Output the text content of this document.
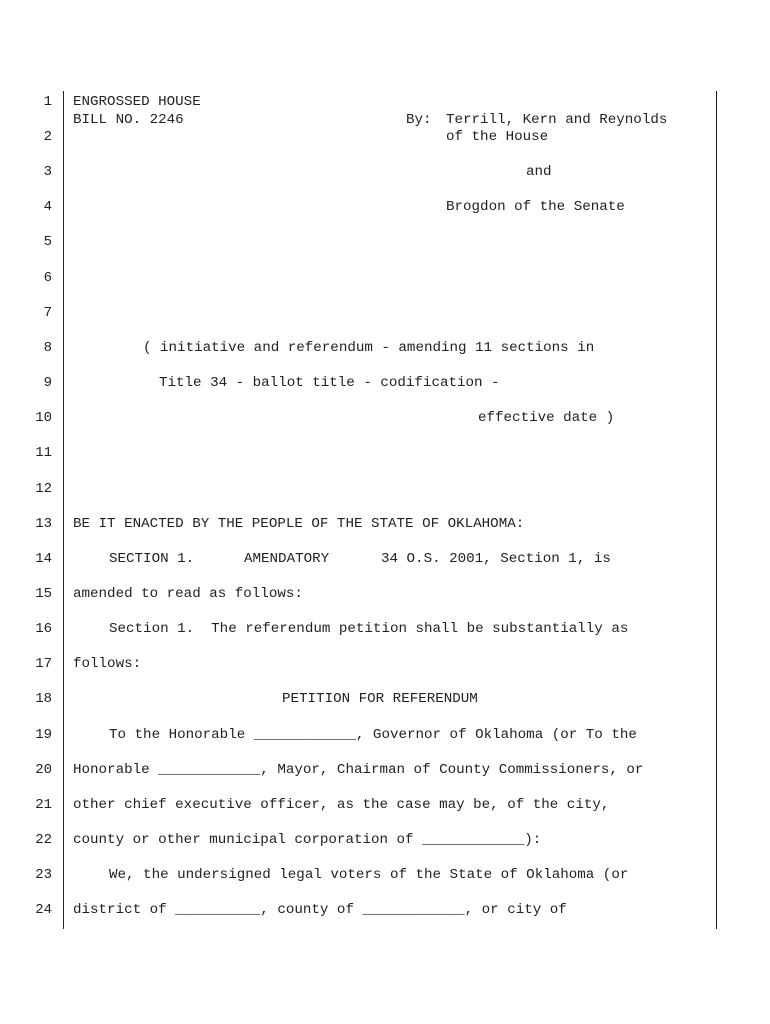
1
2
3
4
5
6
7
8
9
10
11
12
13
14
15
16
17
18
19
20
21
22
23
24
ENGROSSED HOUSE
BILL NO. 2246	By: Terrill, Kern and Reynolds
of the House
and
Brogdon of the Senate
( initiative and referendum - amending 11 sections in
Title 34 - ballot title - codification -
effective date )
BE IT ENACTED BY THE PEOPLE OF THE STATE OF OKLAHOMA:
SECTION 1.	AMENDATORY	34 O.S. 2001, Section 1, is
amended to read as follows:
Section 1.  The referendum petition shall be substantially as
follows:
PETITION FOR REFERENDUM
To the Honorable ____________, Governor of Oklahoma (or To the
Honorable ____________, Mayor, Chairman of County Commissioners, or
other chief executive officer, as the case may be, of the city,
county or other municipal corporation of ____________):
We, the undersigned legal voters of the State of Oklahoma (or
district of __________, county of ____________, or city of
